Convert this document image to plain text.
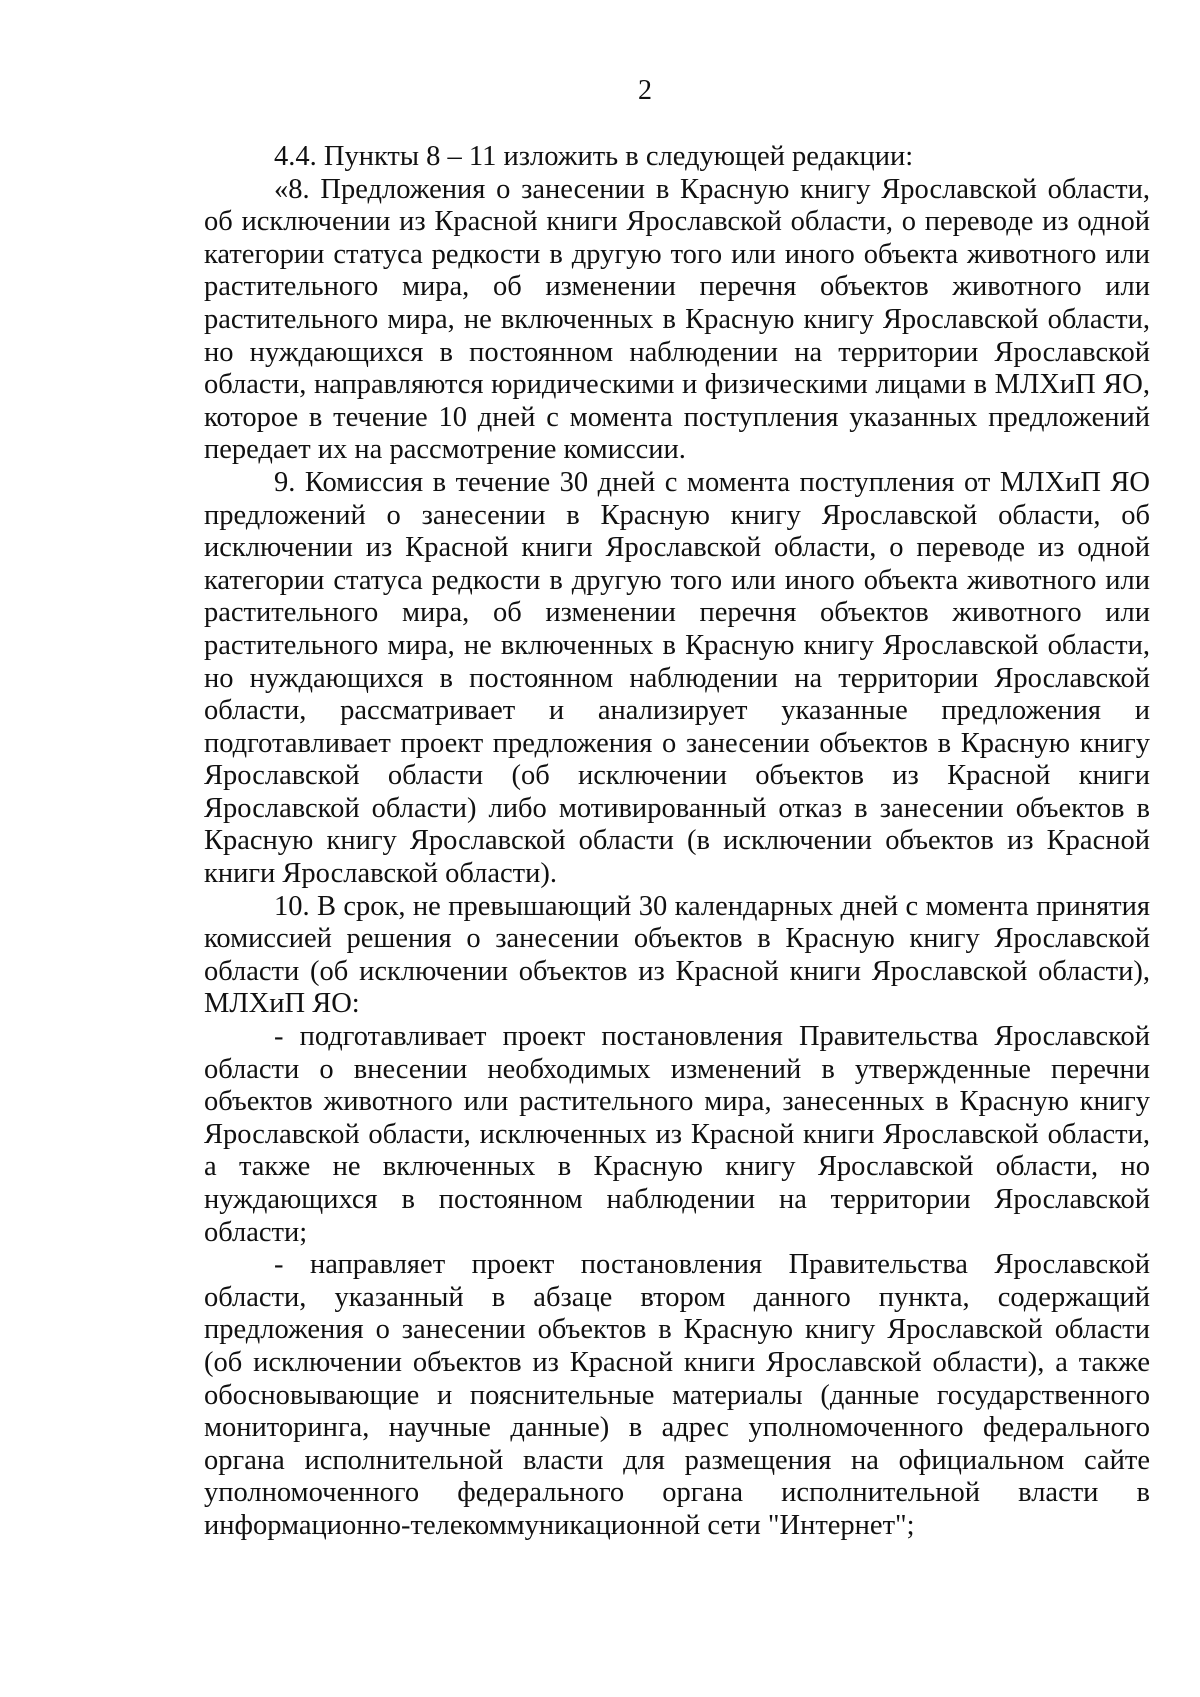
2

4.4. Пункты 8 – 11 изложить в следующей редакции:

«8. Предложения о занесении в Красную книгу Ярославской области, об исключении из Красной книги Ярославской области, о переводе из одной категории статуса редкости в другую того или иного объекта животного или растительного мира, об изменении перечня объектов животного или растительного мира, не включенных в Красную книгу Ярославской области, но нуждающихся в постоянном наблюдении на территории Ярославской области, направляются юридическими и физическими лицами в МЛХиП ЯО, которое в течение 10 дней с момента поступления указанных предложений передает их на рассмотрение комиссии.

9. Комиссия в течение 30 дней с момента поступления от МЛХиП ЯО предложений о занесении в Красную книгу Ярославской области, об исключении из Красной книги Ярославской области, о переводе из одной категории статуса редкости в другую того или иного объекта животного или растительного мира, об изменении перечня объектов животного или растительного мира, не включенных в Красную книгу Ярославской области, но нуждающихся в постоянном наблюдении на территории Ярославской области, рассматривает и анализирует указанные предложения и подготавливает проект предложения о занесении объектов в Красную книгу Ярославской области (об исключении объектов из Красной книги Ярославской области) либо мотивированный отказ в занесении объектов в Красную книгу Ярославской области (в исключении объектов из Красной книги Ярославской области).

10. В срок, не превышающий 30 календарных дней с момента принятия комиссией решения о занесении объектов в Красную книгу Ярославской области (об исключении объектов из Красной книги Ярославской области), МЛХиП ЯО:

- подготавливает проект постановления Правительства Ярославской области о внесении необходимых изменений в утвержденные перечни объектов животного или растительного мира, занесенных в Красную книгу Ярославской области, исключенных из Красной книги Ярославской области, а также не включенных в Красную книгу Ярославской области, но нуждающихся в постоянном наблюдении на территории Ярославской области;

- направляет проект постановления Правительства Ярославской области, указанный в абзаце втором данного пункта, содержащий предложения о занесении объектов в Красную книгу Ярославской области (об исключении объектов из Красной книги Ярославской области), а также обосновывающие и пояснительные материалы (данные государственного мониторинга, научные данные) в адрес уполномоченного федерального органа исполнительной власти для размещения на официальном сайте уполномоченного федерального органа исполнительной власти в информационно-телекоммуникационной сети "Интернет";
